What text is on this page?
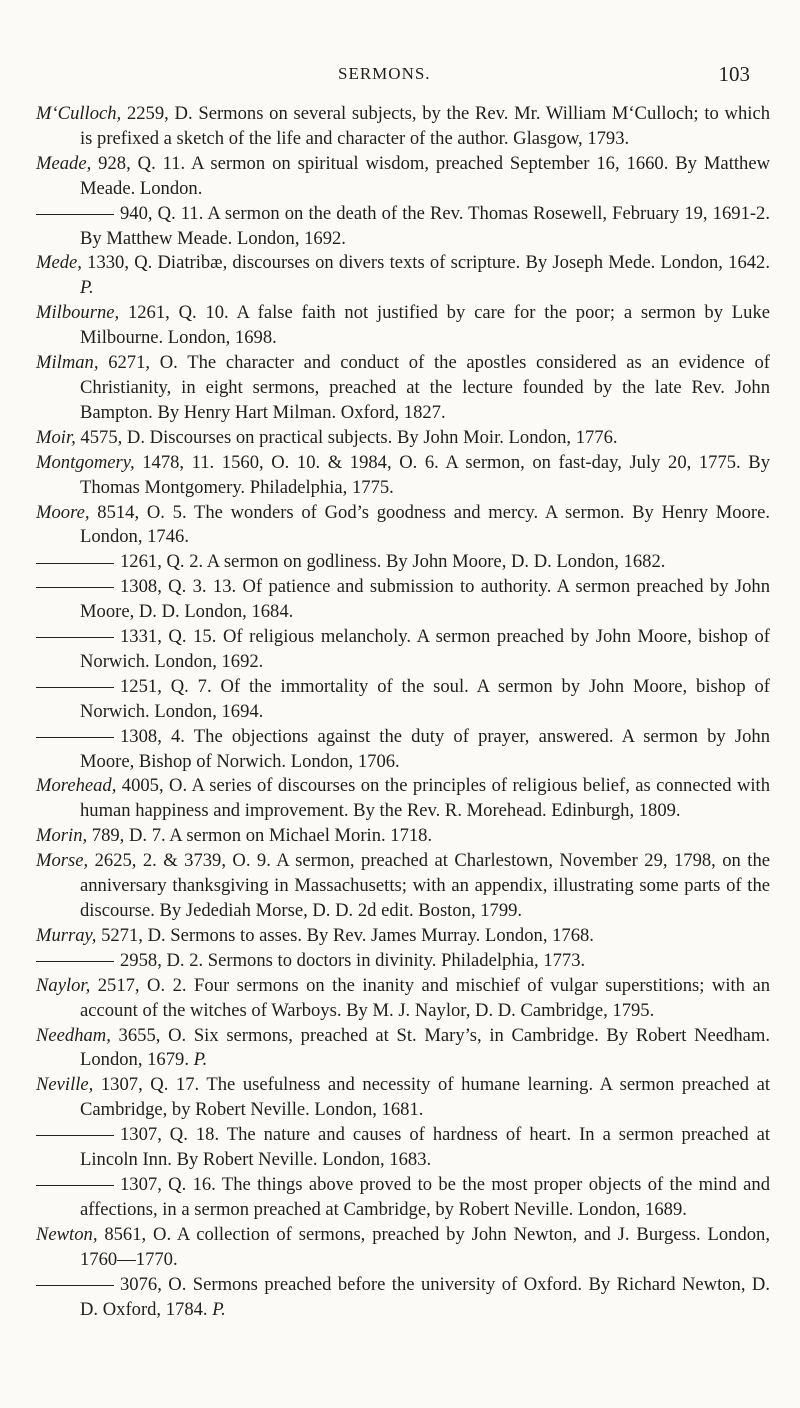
SERMONS.	103
M‘Culloch, 2259, D. Sermons on several subjects, by the Rev. Mr. William M‘Culloch; to which is prefixed a sketch of the life and character of the author. Glasgow, 1793.
Meade, 928, Q. 11. A sermon on spiritual wisdom, preached September 16, 1660. By Matthew Meade. London.
940, Q. 11. A sermon on the death of the Rev. Thomas Rosewell, February 19, 1691-2. By Matthew Meade. London, 1692.
Mede, 1330, Q. Diatribæ, discourses on divers texts of scripture. By Joseph Mede. London, 1642. P.
Milbourne, 1261, Q. 10. A false faith not justified by care for the poor; a sermon by Luke Milbourne. London, 1698.
Milman, 6271, O. The character and conduct of the apostles considered as an evidence of Christianity, in eight sermons, preached at the lecture founded by the late Rev. John Bampton. By Henry Hart Milman. Oxford, 1827.
Moir, 4575, D. Discourses on practical subjects. By John Moir. London, 1776.
Montgomery, 1478, 11. 1560, O. 10. & 1984, O. 6. A sermon, on fast-day, July 20, 1775. By Thomas Montgomery. Philadelphia, 1775.
Moore, 8514, O. 5. The wonders of God’s goodness and mercy. A sermon. By Henry Moore. London, 1746.
1261, Q. 2. A sermon on godliness. By John Moore, D. D. London, 1682.
1308, Q. 3. 13. Of patience and submission to authority. A sermon preached by John Moore, D. D. London, 1684.
1331, Q. 15. Of religious melancholy. A sermon preached by John Moore, bishop of Norwich. London, 1692.
1251, Q. 7. Of the immortality of the soul. A sermon by John Moore, bishop of Norwich. London, 1694.
1308, 4. The objections against the duty of prayer, answered. A sermon by John Moore, Bishop of Norwich. London, 1706.
Morehead, 4005, O. A series of discourses on the principles of religious belief, as connected with human happiness and improvement. By the Rev. R. Morehead. Edinburgh, 1809.
Morin, 789, D. 7. A sermon on Michael Morin. 1718.
Morse, 2625, 2. & 3739, O. 9. A sermon, preached at Charlestown, November 29, 1798, on the anniversary thanksgiving in Massachusetts; with an appendix, illustrating some parts of the discourse. By Jedediah Morse, D. D. 2d edit. Boston, 1799.
Murray, 5271, D. Sermons to asses. By Rev. James Murray. London, 1768.
2958, D. 2. Sermons to doctors in divinity. Philadelphia, 1773.
Naylor, 2517, O. 2. Four sermons on the inanity and mischief of vulgar superstitions; with an account of the witches of Warboys. By M. J. Naylor, D. D. Cambridge, 1795.
Needham, 3655, O. Six sermons, preached at St. Mary’s, in Cambridge. By Robert Needham. London, 1679. P.
Neville, 1307, Q. 17. The usefulness and necessity of humane learning. A sermon preached at Cambridge, by Robert Neville. London, 1681.
1307, Q. 18. The nature and causes of hardness of heart. In a sermon preached at Lincoln Inn. By Robert Neville. London, 1683.
1307, Q. 16. The things above proved to be the most proper objects of the mind and affections, in a sermon preached at Cambridge, by Robert Neville. London, 1689.
Newton, 8561, O. A collection of sermons, preached by John Newton, and J. Burgess. London, 1760—1770.
3076, O. Sermons preached before the university of Oxford. By Richard Newton, D. D. Oxford, 1784. P.
